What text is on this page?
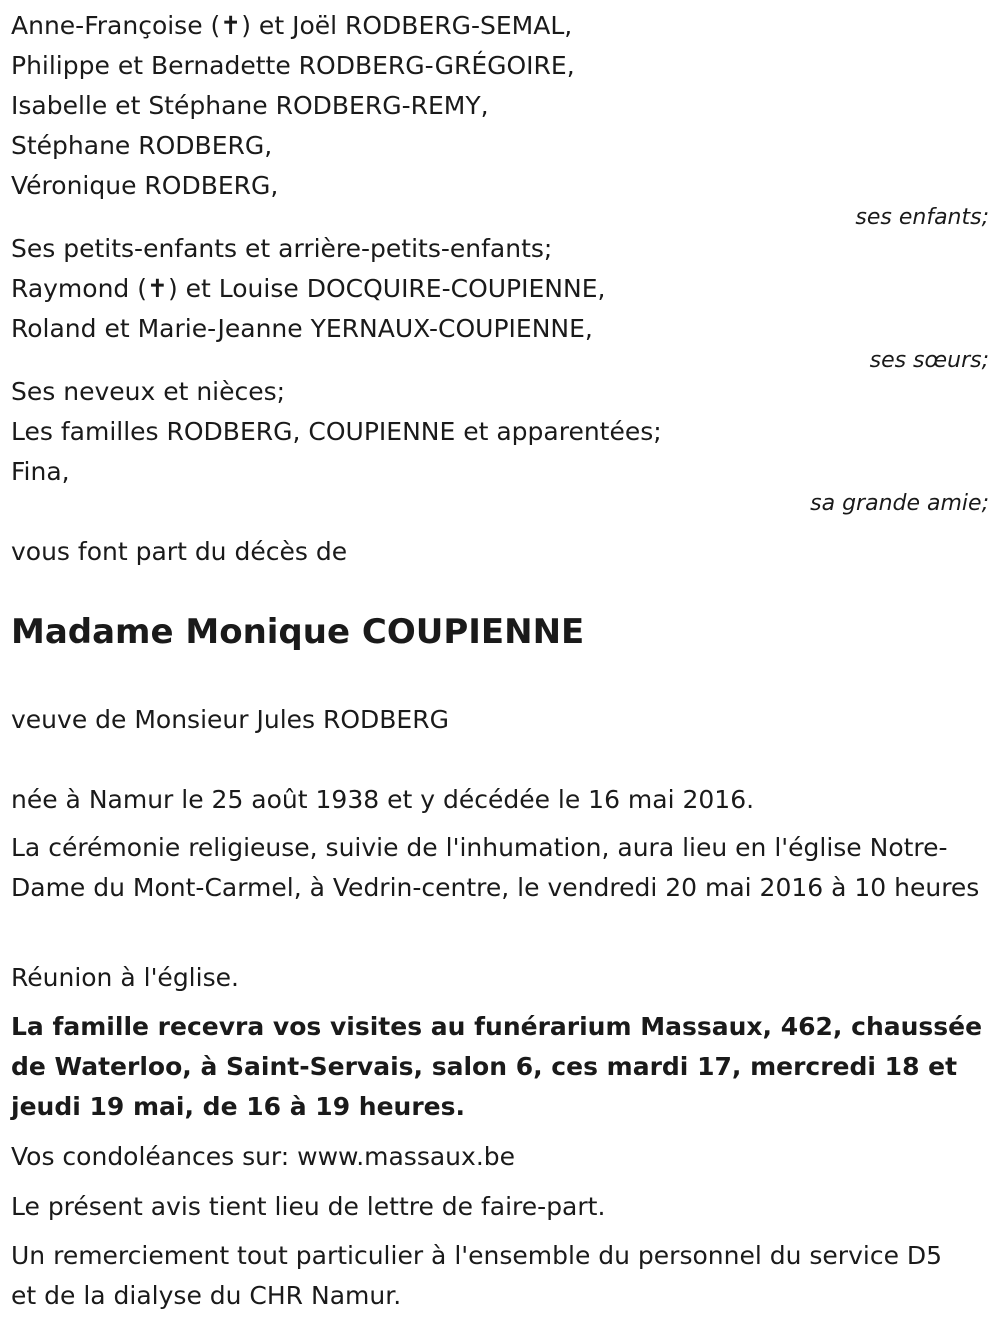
Anne-Françoise (✝) et Joël RODBERG-SEMAL,
Philippe et Bernadette RODBERG-GRÉGOIRE,
Isabelle et Stéphane RODBERG-REMY,
Stéphane RODBERG,
Véronique RODBERG,
ses enfants;
Ses petits-enfants et arrière-petits-enfants;
Raymond (✝) et Louise DOCQUIRE-COUPIENNE,
Roland et Marie-Jeanne YERNAUX-COUPIENNE,
ses sœurs;
Ses neveux et nièces;
Les familles RODBERG, COUPIENNE et apparentées;
Fina,
sa grande amie;
vous font part du décès de
Madame Monique COUPIENNE
veuve de Monsieur Jules RODBERG
née à Namur le 25 août 1938 et y décédée le 16 mai 2016.
La cérémonie religieuse, suivie de l'inhumation, aura lieu en l'église Notre-Dame du Mont-Carmel, à Vedrin-centre, le vendredi 20 mai 2016 à 10 heures
Réunion à l'église.
La famille recevra vos visites au funérarium Massaux, 462, chaussée de Waterloo, à Saint-Servais, salon 6, ces mardi 17, mercredi 18 et jeudi 19 mai, de 16 à 19 heures.
Vos condoléances sur: www.massaux.be
Le présent avis tient lieu de lettre de faire-part.
Un remerciement tout particulier à l'ensemble du personnel du service D5 et de la dialyse du CHR Namur.
